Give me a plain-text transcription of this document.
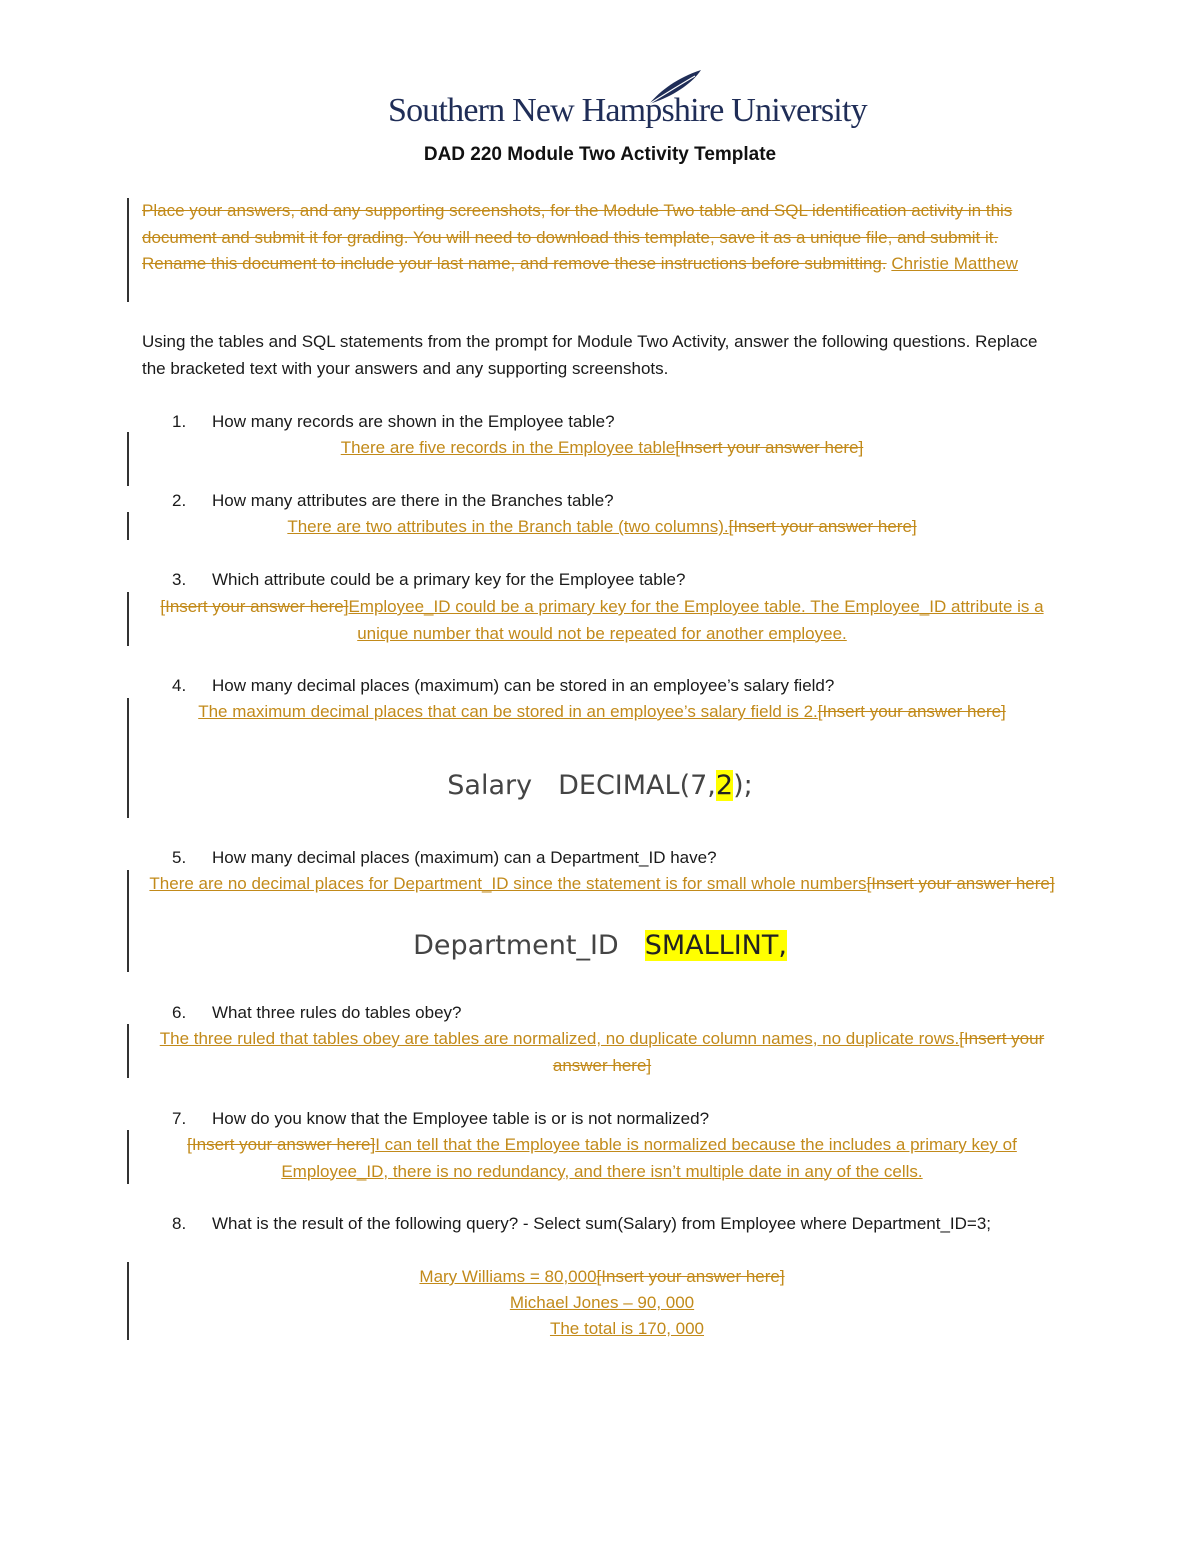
Southern New Hampshire University
DAD 220 Module Two Activity Template
Place your answers, and any supporting screenshots, for the Module Two table and SQL identification activity in this document and submit it for grading. You will need to download this template, save it as a unique file, and submit it. Rename this document to include your last name, and remove these instructions before submitting. Christie Matthew
Using the tables and SQL statements from the prompt for Module Two Activity, answer the following questions. Replace the bracketed text with your answers and any supporting screenshots.
1. How many records are shown in the Employee table?
There are five records in the Employee table[Insert your answer here]
2. How many attributes are there in the Branches table?
There are two attributes in the Branch table (two columns).[Insert your answer here]
3. Which attribute could be a primary key for the Employee table?
[Insert your answer here]Employee_ID could be a primary key for the Employee table. The Employee_ID attribute is a unique number that would not be repeated for another employee.
4. How many decimal places (maximum) can be stored in an employee’s salary field?
The maximum decimal places that can be stored in an employee’s salary field is 2.[Insert your answer here]
Salary DECIMAL(7,2);
5. How many decimal places (maximum) can a Department_ID have?
There are no decimal places for Department_ID since the statement is for small whole numbers[Insert your answer here]
Department_ID SMALLINT,
6. What three rules do tables obey?
The three ruled that tables obey are tables are normalized, no duplicate column names, no duplicate rows.[Insert your answer here]
7. How do you know that the Employee table is or is not normalized?
[Insert your answer here]I can tell that the Employee table is normalized because the includes a primary key of Employee_ID, there is no redundancy, and there isn’t multiple date in any of the cells.
8. What is the result of the following query? - Select sum(Salary) from Employee where Department_ID=3;
Mary Williams = 80,000[Insert your answer here]
Michael Jones – 90, 000
The total is 170, 000
